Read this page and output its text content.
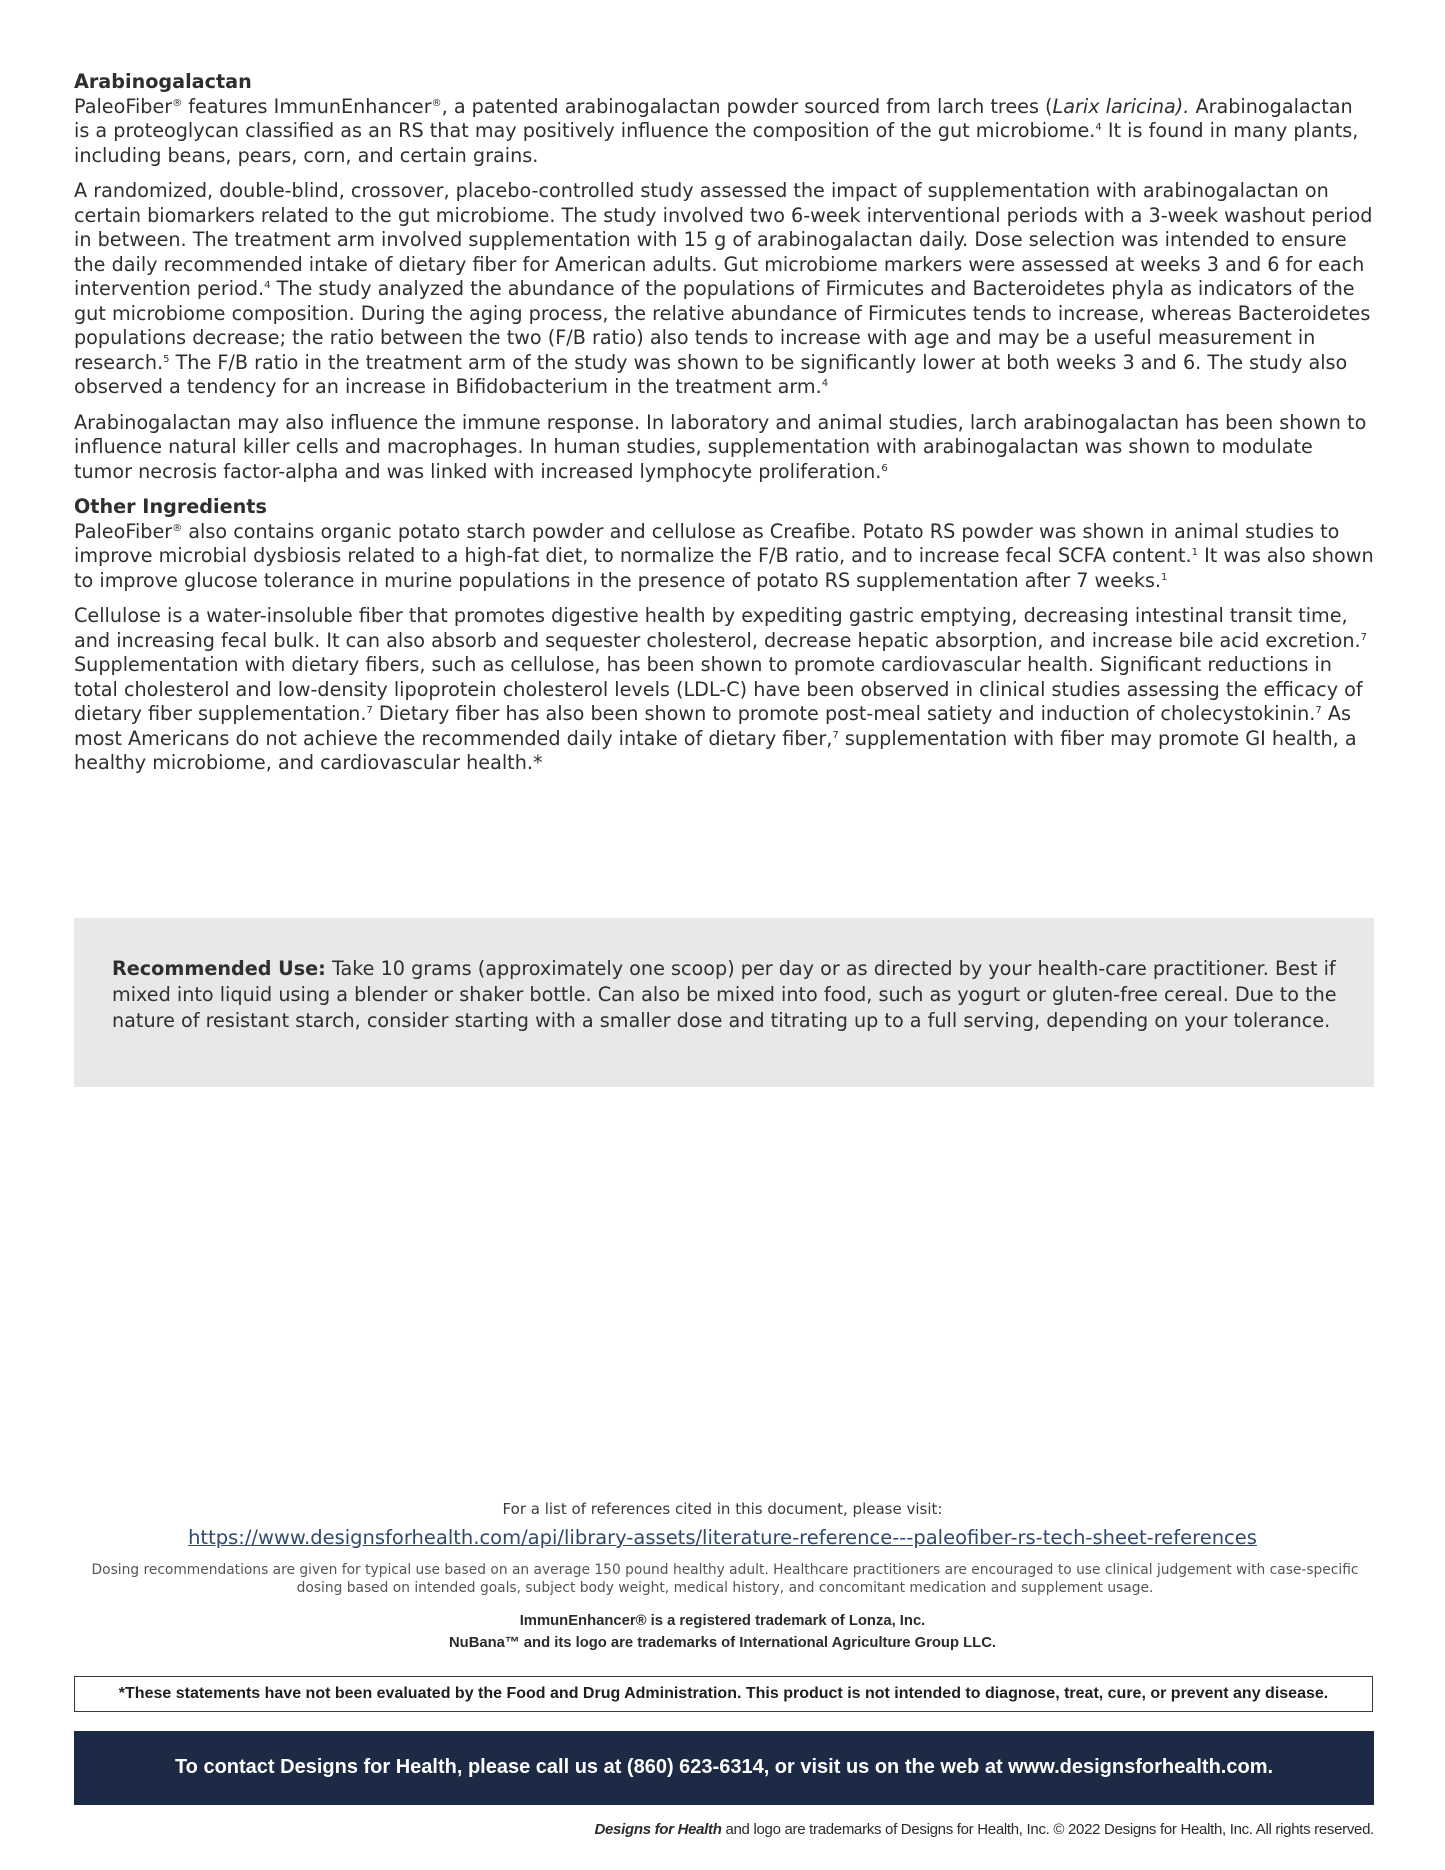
Arabinogalactan

PaleoFiber® features ImmunEnhancer®, a patented arabinogalactan powder sourced from larch trees (Larix laricina). Arabinogalactan is a proteoglycan classified as an RS that may positively influence the composition of the gut microbiome.$^4$ It is found in many plants, including beans, pears, corn, and certain grains.

A randomized, double-blind, crossover, placebo-controlled study assessed the impact of supplementation with arabinogalactan on certain biomarkers related to the gut microbiome. The study involved two 6-week interventional periods with a 3-week washout period in between. The treatment arm involved supplementation with 15 g of arabinogalactan daily. Dose selection was intended to ensure the daily recommended intake of dietary fiber for American adults. Gut microbiome markers were assessed at weeks 3 and 6 for each intervention period.$^4$ The study analyzed the abundance of the populations of Firmicutes and Bacteroidetes phyla as indicators of the gut microbiome composition. During the aging process, the relative abundance of Firmicutes tends to increase, whereas Bacteroidetes populations decrease; the ratio between the two (F/B ratio) also tends to increase with age and may be a useful measurement in research.$^5$ The F/B ratio in the treatment arm of the study was shown to be significantly lower at both weeks 3 and 6. The study also observed a tendency for an increase in Bifidobacterium in the treatment arm.$^4$

Arabinogalactan may also influence the immune response. In laboratory and animal studies, larch arabinogalactan has been shown to influence natural killer cells and macrophages. In human studies, supplementation with arabinogalactan was shown to modulate tumor necrosis factor-alpha and was linked with increased lymphocyte proliferation.$^6$

Other Ingredients

PaleoFiber® also contains organic potato starch powder and cellulose as Creafibe. Potato RS powder was shown in animal studies to improve microbial dysbiosis related to a high-fat diet, to normalize the F/B ratio, and to increase fecal SCFA content.$^1$ It was also shown to improve glucose tolerance in murine populations in the presence of potato RS supplementation after 7 weeks.$^1$

Cellulose is a water-insoluble fiber that promotes digestive health by expediting gastric emptying, decreasing intestinal transit time, and increasing fecal bulk. It can also absorb and sequester cholesterol, decrease hepatic absorption, and increase bile acid excretion.$^7$ Supplementation with dietary fibers, such as cellulose, has been shown to promote cardiovascular health. Significant reductions in total cholesterol and low-density lipoprotein cholesterol levels (LDL-C) have been observed in clinical studies assessing the efficacy of dietary fiber supplementation.$^7$ Dietary fiber has also been shown to promote post-meal satiety and induction of cholecystokinin.$^7$ As most Americans do not achieve the recommended daily intake of dietary fiber,$^7$ supplementation with fiber may promote GI health, a healthy microbiome, and cardiovascular health.*

Recommended Use: Take 10 grams (approximately one scoop) per day or as directed by your health-care practitioner. Best if mixed into liquid using a blender or shaker bottle. Can also be mixed into food, such as yogurt or gluten-free cereal. Due to the nature of resistant starch, consider starting with a smaller dose and titrating up to a full serving, depending on your tolerance.

For a list of references cited in this document, please visit:
https://www.designsforhealth.com/api/library-assets/literature-reference---paleofiber-rs-tech-sheet-references
Dosing recommendations are given for typical use based on an average 150 pound healthy adult. Healthcare practitioners are encouraged to use clinical judgement with case-specific dosing based on intended goals, subject body weight, medical history, and concomitant medication and supplement usage.
ImmunEnhancer® is a registered trademark of Lonza, Inc.
NuBana™ and its logo are trademarks of International Agriculture Group LLC.
*These statements have not been evaluated by the Food and Drug Administration. This product is not intended to diagnose, treat, cure, or prevent any disease.
To contact Designs for Health, please call us at (860) 623-6314, or visit us on the web at www.designsforhealth.com.
Designs for Health and logo are trademarks of Designs for Health, Inc. © 2022 Designs for Health, Inc. All rights reserved.
